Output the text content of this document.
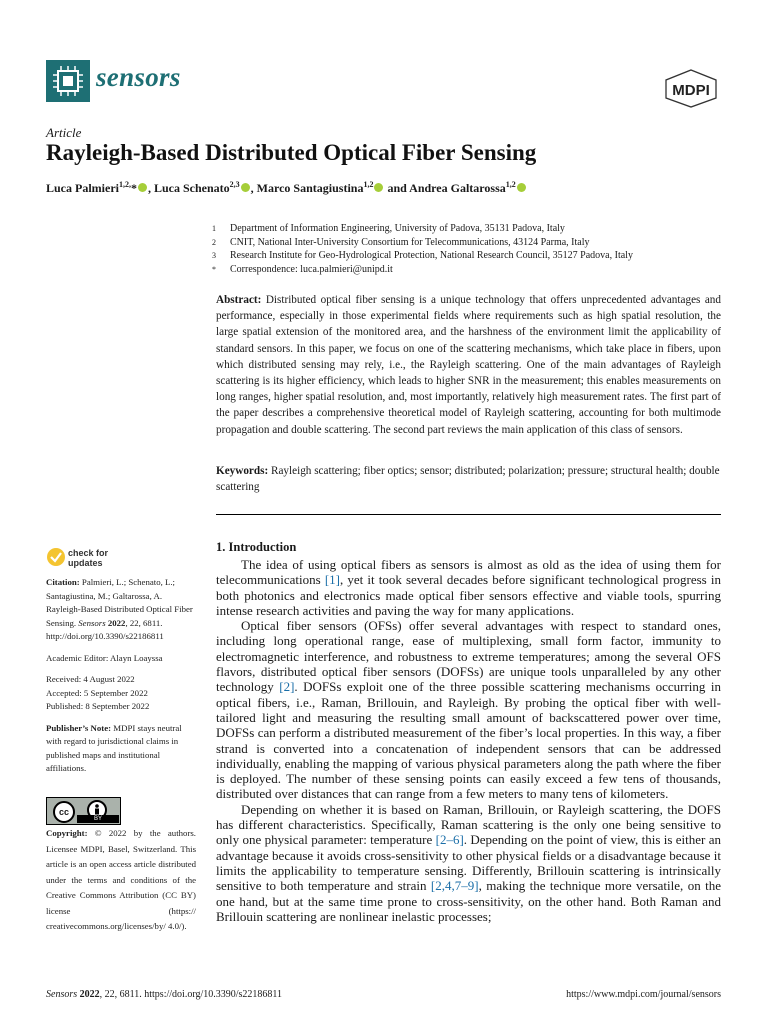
sensors	MDPI
Article
Rayleigh-Based Distributed Optical Fiber Sensing
Luca Palmieri$^{1,2,}$* , Luca Schenato$^{2,3}$ , Marco Santagiustina$^{1,2}$ and Andrea Galtarossa$^{1,2}$
1	Department of Information Engineering, University of Padova, 35131 Padova, Italy
2	CNIT, National Inter-University Consortium for Telecommunications, 43124 Parma, Italy
3	Research Institute for Geo-Hydrological Protection, National Research Council, 35127 Padova, Italy
*	Correspondence: luca.palmieri@unipd.it
Abstract: Distributed optical fiber sensing is a unique technology that offers unprecedented advantages and performance, especially in those experimental fields where requirements such as high spatial resolution, the large spatial extension of the monitored area, and the harshness of the environment limit the applicability of standard sensors. In this paper, we focus on one of the scattering mechanisms, which take place in fibers, upon which distributed sensing may rely, i.e., the Rayleigh scattering. One of the main advantages of Rayleigh scattering is its higher efficiency, which leads to higher SNR in the measurement; this enables measurements on long ranges, higher spatial resolution, and, most importantly, relatively high measurement rates. The first part of the paper describes a comprehensive theoretical model of Rayleigh scattering, accounting for both multimode propagation and double scattering. The second part reviews the main application of this class of sensors.
Keywords: Rayleigh scattering; fiber optics; sensor; distributed; polarization; pressure; structural health; double scattering
check for
updates

Citation: Palmieri, L.; Schenato, L.; Santagiustina, M.; Galtarossa, A. Rayleigh-Based Distributed Optical Fiber Sensing. Sensors 2022, 22, 6811. http://doi.org/10.3390/s22186811

Academic Editor: Alayn Loayssa

Received: 4 August 2022
Accepted: 5 September 2022
Published: 8 September 2022

Publisher’s Note: MDPI stays neutral with regard to jurisdictional claims in published maps and institutional affiliations.

cc
BY
Copyright: © 2022 by the authors. Licensee MDPI, Basel, Switzerland. This article is an open access article distributed under the terms and conditions of the Creative Commons Attribution (CC BY) license (https:// creativecommons.org/licenses/by/ 4.0/).
1. Introduction

The idea of using optical fibers as sensors is almost as old as the idea of using them for telecommunications [1], yet it took several decades before significant technological progress in both photonics and electronics made optical fiber sensors effective and viable tools, spurring intense research activities and paving the way for many applications.

Optical fiber sensors (OFSs) offer several advantages with respect to standard ones, including long operational range, ease of multiplexing, small form factor, immunity to electromagnetic interference, and robustness to extreme temperatures; among the several OFS flavors, distributed optical fiber sensors (DOFSs) are unique tools unparalleled by any other technology [2]. DOFSs exploit one of the three possible scattering mechanisms occurring in optical fibers, i.e., Raman, Brillouin, and Rayleigh. By probing the optical fiber with well-tailored light and measuring the resulting small amount of backscattered power over time, DOFSs can perform a distributed measurement of the fiber’s local properties. In this way, a fiber strand is converted into a concatenation of independent sensors that can be addressed individually, enabling the mapping of various physical parameters along the path where the fiber is deployed. The number of these sensing points can easily exceed a few tens of thousands, distributed over distances that can range from a few meters to many tens of kilometers.

Depending on whether it is based on Raman, Brillouin, or Rayleigh scattering, the DOFS has different characteristics. Specifically, Raman scattering is the only one being sensitive to only one physical parameter: temperature [2–6]. Depending on the point of view, this is either an advantage because it avoids cross-sensitivity to other physical fields or a disadvantage because it limits the applicability to temperature sensing. Differently, Brillouin scattering is intrinsically sensitive to both temperature and strain [2,4,7–9], making the technique more versatile, on the one hand, but at the same time prone to cross-sensitivity, on the other hand. Both Raman and Brillouin scattering are nonlinear inelastic processes;

Sensors 2022, 22, 6811. https://doi.org/10.3390/s22186811	https://www.mdpi.com/journal/sensors
